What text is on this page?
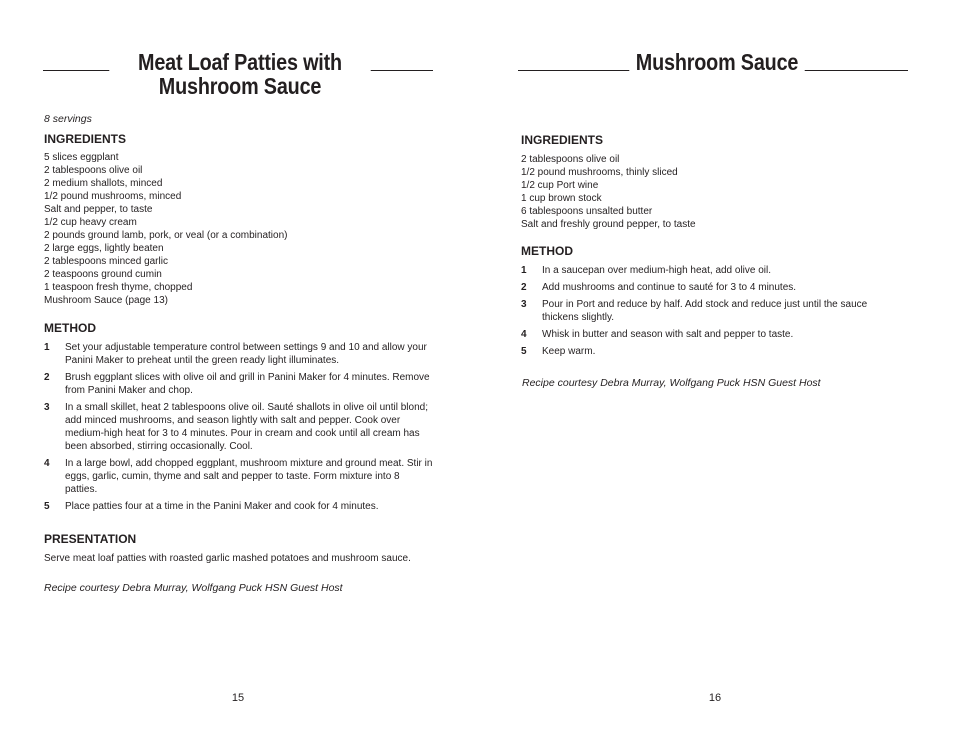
Meat Loaf Patties with
Mushroom Sauce

8 servings

INGREDIENTS
5 slices eggplant
2 tablespoons olive oil
2 medium shallots, minced
1/2 pound mushrooms, minced
Salt and pepper, to taste
1/2 cup heavy cream
2 pounds ground lamb, pork, or veal (or a combination)
2 large eggs, lightly beaten
2 tablespoons minced garlic
2 teaspoons ground cumin
1 teaspoon fresh thyme, chopped
Mushroom Sauce (page 13)
METHOD
1	Set your adjustable temperature control between settings 9 and 10 and allow your Panini Maker to preheat until the green ready light illuminates.
2	Brush eggplant slices with olive oil and grill in Panini Maker for 4 minutes. Remove from Panini Maker and chop.
3	In a small skillet, heat 2 tablespoons olive oil. Sauté shallots in olive oil until blond; add minced mushrooms, and season lightly with salt and pepper. Cook over medium-high heat for 3 to 4 minutes. Pour in cream and cook until all cream has been absorbed, stirring occasionally. Cool.
4	In a large bowl, add chopped eggplant, mushroom mixture and ground meat. Stir in eggs, garlic, cumin, thyme and salt and pepper to taste. Form mixture into 8 patties.
5	Place patties four at a time in the Panini Maker and cook for 4 minutes.
PRESENTATION

Serve meat loaf patties with roasted garlic mashed potatoes and mushroom sauce.

Recipe courtesy Debra Murray, Wolfgang Puck HSN Guest Host

15

Mushroom Sauce
INGREDIENTS
2 tablespoons olive oil
1/2 pound mushrooms, thinly sliced
1/2 cup Port wine
1 cup brown stock
6 tablespoons unsalted butter
Salt and freshly ground pepper, to taste
METHOD
1	In a saucepan over medium-high heat, add olive oil.
2	Add mushrooms and continue to sauté for 3 to 4 minutes.
3	Pour in Port and reduce by half. Add stock and reduce just until the sauce thickens slightly.
4	Whisk in butter and season with salt and pepper to taste.
5	Keep warm.

Recipe courtesy Debra Murray, Wolfgang Puck HSN Guest Host

16
